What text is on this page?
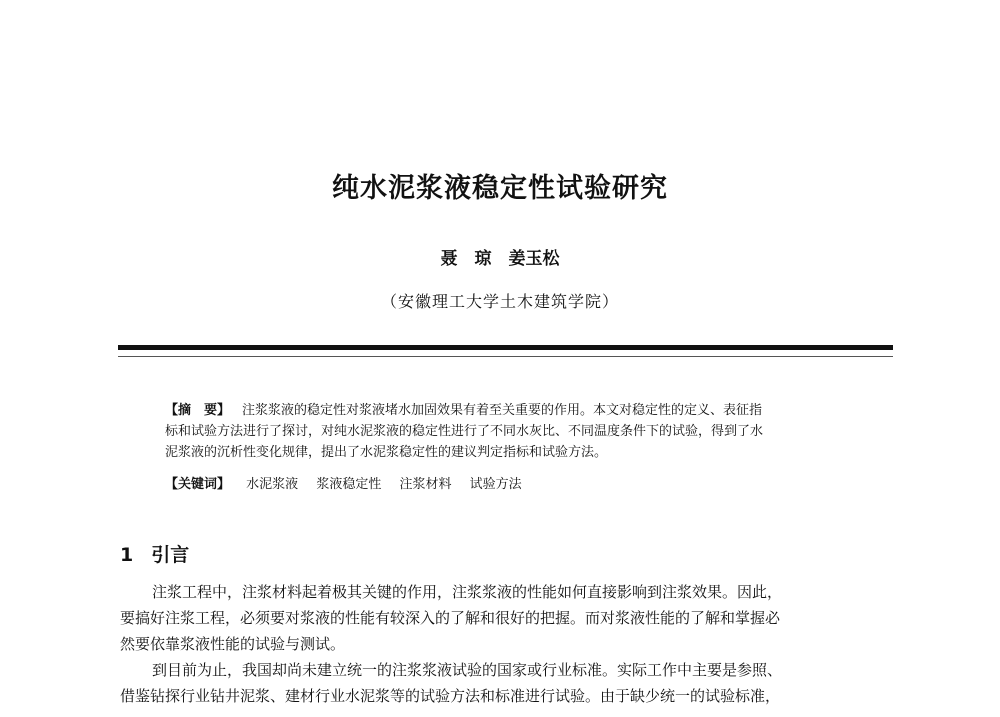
纯水泥浆液稳定性试验研究
聂　琼　姜玉松
（安徽理工大学土木建筑学院）
【摘　要】 注浆浆液的稳定性对浆液堵水加固效果有着至关重要的作用。本文对稳定性的定义、表征指
标和试验方法进行了探讨，对纯水泥浆液的稳定性进行了不同水灰比、不同温度条件下的试验，得到了水
泥浆液的沉析性变化规律，提出了水泥浆稳定性的建议判定指标和试验方法。
【关键词】 水泥浆液 浆液稳定性 注浆材料 试验方法
1 引言
注浆工程中，注浆材料起着极其关键的作用，注浆浆液的性能如何直接影响到注浆效果。因此，
要搞好注浆工程，必须要对浆液的性能有较深入的了解和很好的把握。而对浆液性能的了解和掌握必
然要依靠浆液性能的试验与测试。
到目前为止，我国却尚未建立统一的注浆浆液试验的国家或行业标准。实际工作中主要是参照、
借鉴钻探行业钻井泥浆、建材行业水泥浆等的试验方法和标准进行试验。由于缺少统一的试验标准，
